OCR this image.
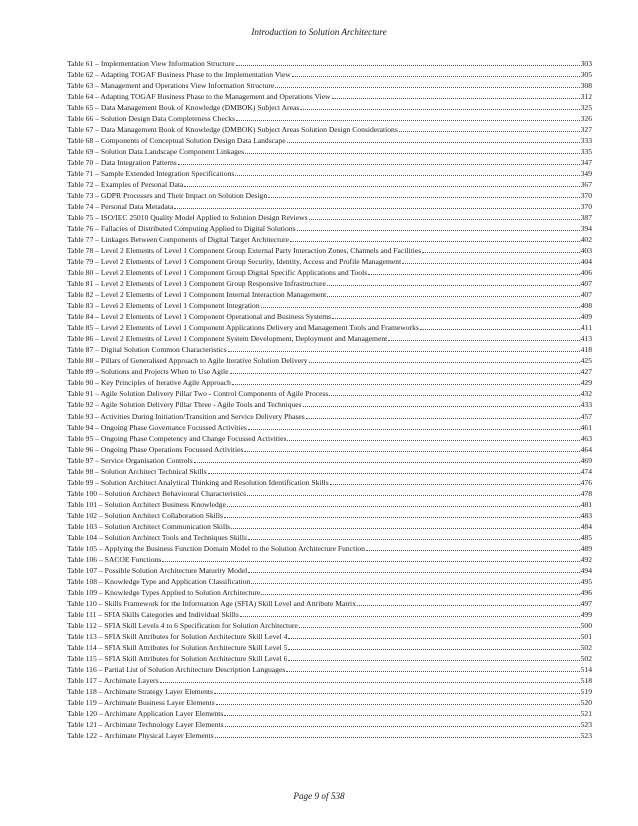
Introduction to Solution Architecture
Table 61 – Implementation View Information Structure	303
Table 62 – Adapting TOGAF Business Phase to the Implementation View	305
Table 63 – Management and Operations View Information Structure	308
Table 64 – Adapting TOGAF Business Phase to the Management and Operations View	312
Table 65 – Data Management Book of Knowledge (DMBOK) Subject Areas	325
Table 66 – Solution Design Data Completeness Checks	326
Table 67 – Data Management Book of Knowledge (DMBOK) Subject Areas Solution Design Considerations	327
Table 68 – Components of Conceptual Solution Design Data Landscape	333
Table 69 – Solution Data Landscape Component Linkages	335
Table 70 – Data Integration Patterns	347
Table 71 – Sample Extended Integration Specifications	349
Table 72 – Examples of Personal Data	367
Table 73 – GDPR Processes and Their Impact on Solution Design	370
Table 74 – Personal Data Metadata	370
Table 75 – ISO/IEC 25010 Quality Model Applied to Solution Design Reviews	387
Table 76 – Fallacies of Distributed Computing Applied to Digital Solutions	394
Table 77 – Linkages Between Components of Digital Target Architecture	402
Table 78 – Level 2 Elements of Level 1 Component Group External Party Interaction Zones, Channels and Facilities	403
Table 79 – Level 2 Elements of Level 1 Component Group Security, Identity, Access and Profile Management	404
Table 80 – Level 2 Elements of Level 1 Component Group Digital Specific Applications and Tools	406
Table 81 – Level 2 Elements of Level 1 Component Group Responsive Infrastructure	407
Table 82 – Level 2 Elements of Level 1 Component Internal Interaction Management	407
Table 83 – Level 2 Elements of Level 1 Component Integration	408
Table 84 – Level 2 Elements of Level 1 Component Operational and Business Systems	409
Table 85 – Level 2 Elements of Level 1 Component Applications Delivery and Management Tools and Frameworks	411
Table 86 – Level 2 Elements of Level 1 Component System Development, Deployment and Management	413
Table 87 – Digital Solution Common Characteristics	418
Table 88 – Pillars of Generalised Approach to Agile Iterative Solution Delivery	425
Table 89 – Solutions and Projects When to Use Agile	427
Table 90 – Key Principles of Iterative Agile Approach	429
Table 91 – Agile Solution Delivery Pillar Two - Control Components of Agile Process	432
Table 92 – Agile Solution Delivery Pillar Three - Agile Tools and Techniques	433
Table 93 – Activities During Initiation/Transition and Service Delivery Phases	457
Table 94 – Ongoing Phase Governance Focussed Activities	461
Table 95 – Ongoing Phase Competency and Change Focussed Activities	463
Table 96 – Ongoing Phase Operations Focussed Activities	464
Table 97 – Service Organisation Controls	469
Table 98 – Solution Architect Technical Skills	474
Table 99 – Solution Architect Analytical Thinking and Resolution Identification Skills	476
Table 100 – Solution Architect Behavioural Characteristics	478
Table 101 – Solution Architect Business Knowledge	481
Table 102 – Solution Architect Collaboration Skills	483
Table 103 – Solution Architect Communication Skills	484
Table 104 – Solution Architect Tools and Techniques Skills	485
Table 105 – Applying the Business Function Domain Model to the Solution Architecture Function	489
Table 106 – SACOE Functions	492
Table 107 – Possible Solution Architecture Maturity Model	494
Table 108 – Knowledge Type and Application Classification	495
Table 109 – Knowledge Types Applied to Solution Architecture	496
Table 110 – Skills Framework for the Information Age (SFIA) Skill Level and Attribute Matrix	497
Table 111 – SFIA Skills Categories and Individual Skills	499
Table 112 – SFIA Skill Levels 4 to 6 Specification for Solution Architecture	500
Table 113 – SFIA Skill Attributes for Solution Architecture Skill Level 4	501
Table 114 – SFIA Skill Attributes for Solution Architecture Skill Level 5	502
Table 115 – SFIA Skill Attributes for Solution Architecture Skill Level 6	502
Table 116 – Partial List of Solution Architecture Description Languages	514
Table 117 – Archimate Layers	518
Table 118 – Archimate Strategy Layer Elements	519
Table 119 – Archimate Business Layer Elements	520
Table 120 – Archimate Application Layer Elements	521
Table 121 – Archimate Technology Layer Elements	523
Table 122 – Archimate Physical Layer Elements	523
Page 9 of 538
